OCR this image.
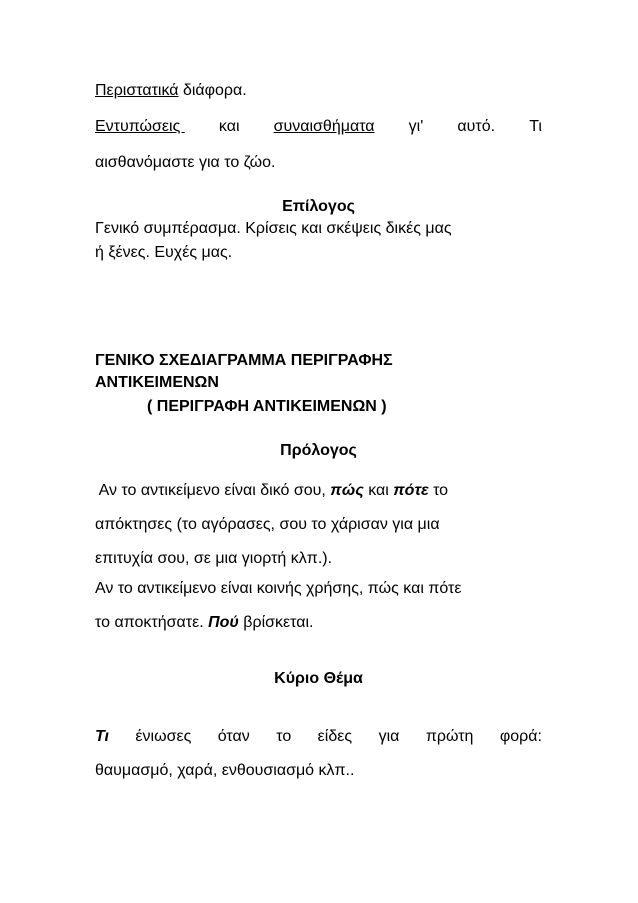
Περιστατικά διάφορα.
Εντυπώσεις και συναισθήματα γι' αυτό. Τι
αισθανόμαστε για το ζώο.
Επίλογος
Γενικό συμπέρασμα. Κρίσεις και σκέψεις δικές μας
ή ξένες. Ευχές μας.
ΓΕΝΙΚΟ ΣΧΕΔΙΑΓΡΑΜΜΑ ΠΕΡΙΓΡΑΦΗΣ
ΑΝΤΙΚΕΙΜΕΝΩΝ
( ΠΕΡΙΓΡΑΦΗ ΑΝΤΙΚΕΙΜΕΝΩΝ )
Πρόλογος
Αν το αντικείμενο είναι δικό σου, πώς και πότε το
απόκτησες (το αγόρασες, σου το χάρισαν για μια
επιτυχία σου, σε μια γιορτή κλπ.).
Αν το αντικείμενο είναι κοινής χρήσης, πώς και πότε
το αποκτήσατε. Πού βρίσκεται.
Κύριο Θέμα
Τι ένιωσες όταν το είδες για πρώτη φορά:
θαυμασμό, χαρά, ενθουσιασμό κλπ..
